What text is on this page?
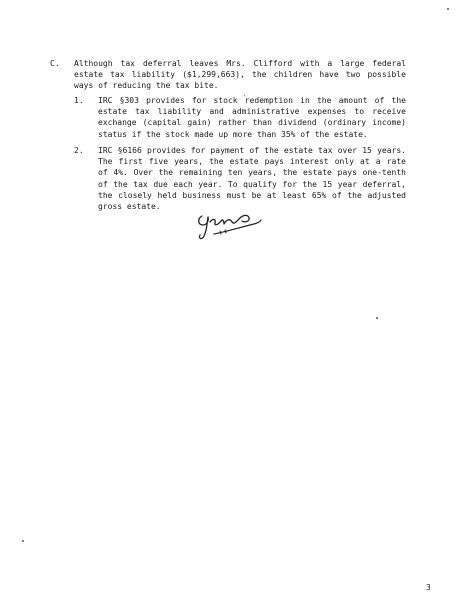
C. Although tax deferral leaves Mrs. Clifford with a large federal estate tax liability ($1,299,663), the children have two possible ways of reducing the tax bite.

1. IRC §303 provides for stock redemption in the amount of the estate tax liability and administrative expenses to receive exchange (capital gain) rather than dividend (ordinary income) status if the stock made up more than 35% of the estate.

2. IRC §6166 provides for payment of the estate tax over 15 years. The first five years, the estate pays interest only at a rate of 4%. Over the remaining ten years, the estate pays one-tenth of the tax due each year. To qualify for the 15 year deferral, the closely held business must be at least 65% of the adjusted gross estate.

3
